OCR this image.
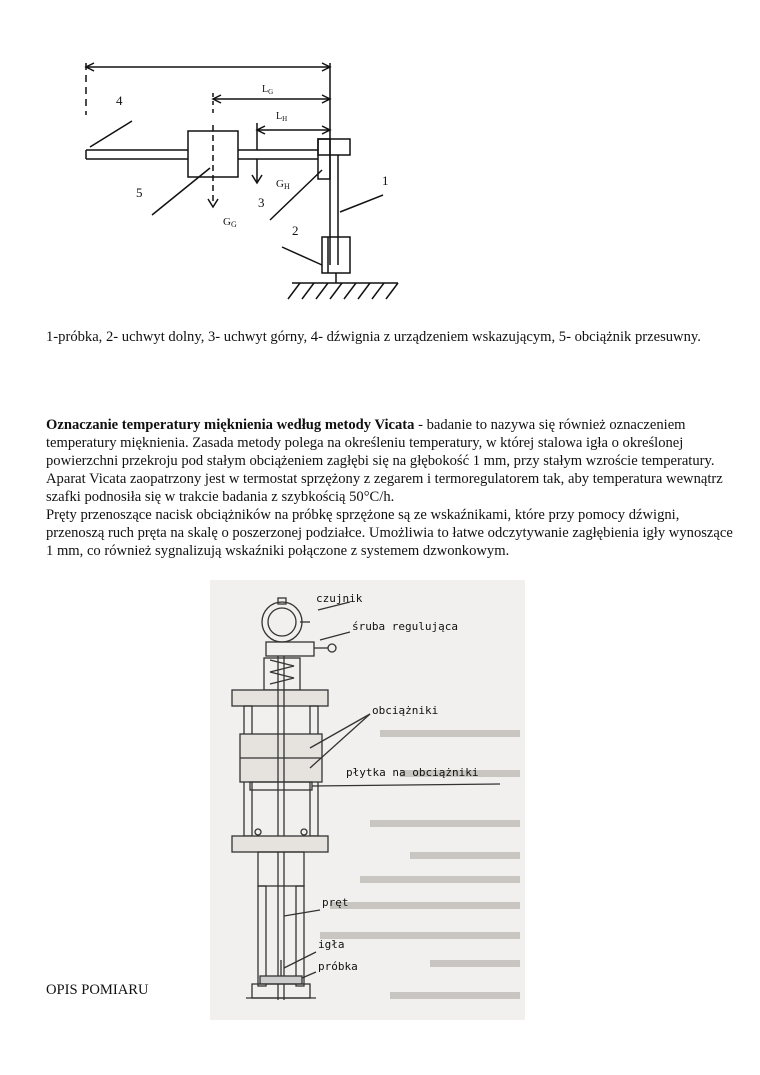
4
5
3
2
1
$L_G$
$L_H$
GH
GG
1-próbka, 2- uchwyt dolny, 3- uchwyt górny, 4- dźwignia z urządzeniem wskazującym, 5- obciążnik przesuwny.

Oznaczanie temperatury mięknienia według metody Vicata - badanie to nazywa się również oznaczeniem temperatury mięknienia. Zasada metody polega na określeniu temperatury, w której stalowa igła o określonej powierzchni przekroju pod stałym obciążeniem zagłębi się na głębokość 1 mm, przy stałym wzroście temperatury.

Aparat Vicata zaopatrzony jest w termostat sprzężony z zegarem i termoregulatorem tak, aby temperatura wewnątrz szafki podnosiła się w trakcie badania z szybkością 50°C/h.

Pręty przenoszące nacisk obciążników na próbkę sprzężone są ze wskaźnikami, które przy pomocy dźwigni, przenoszą ruch pręta na skalę o poszerzonej podziałce. Umożliwia to łatwe odczytywanie zagłębienia igły wynoszące 1 mm, co również sygnalizują wskaźniki połączone z systemem dzwonkowym.

czujnik
śruba regulująca
obciążniki
płytka na obciążniki
pręt
igła
próbka
OPIS POMIARU
